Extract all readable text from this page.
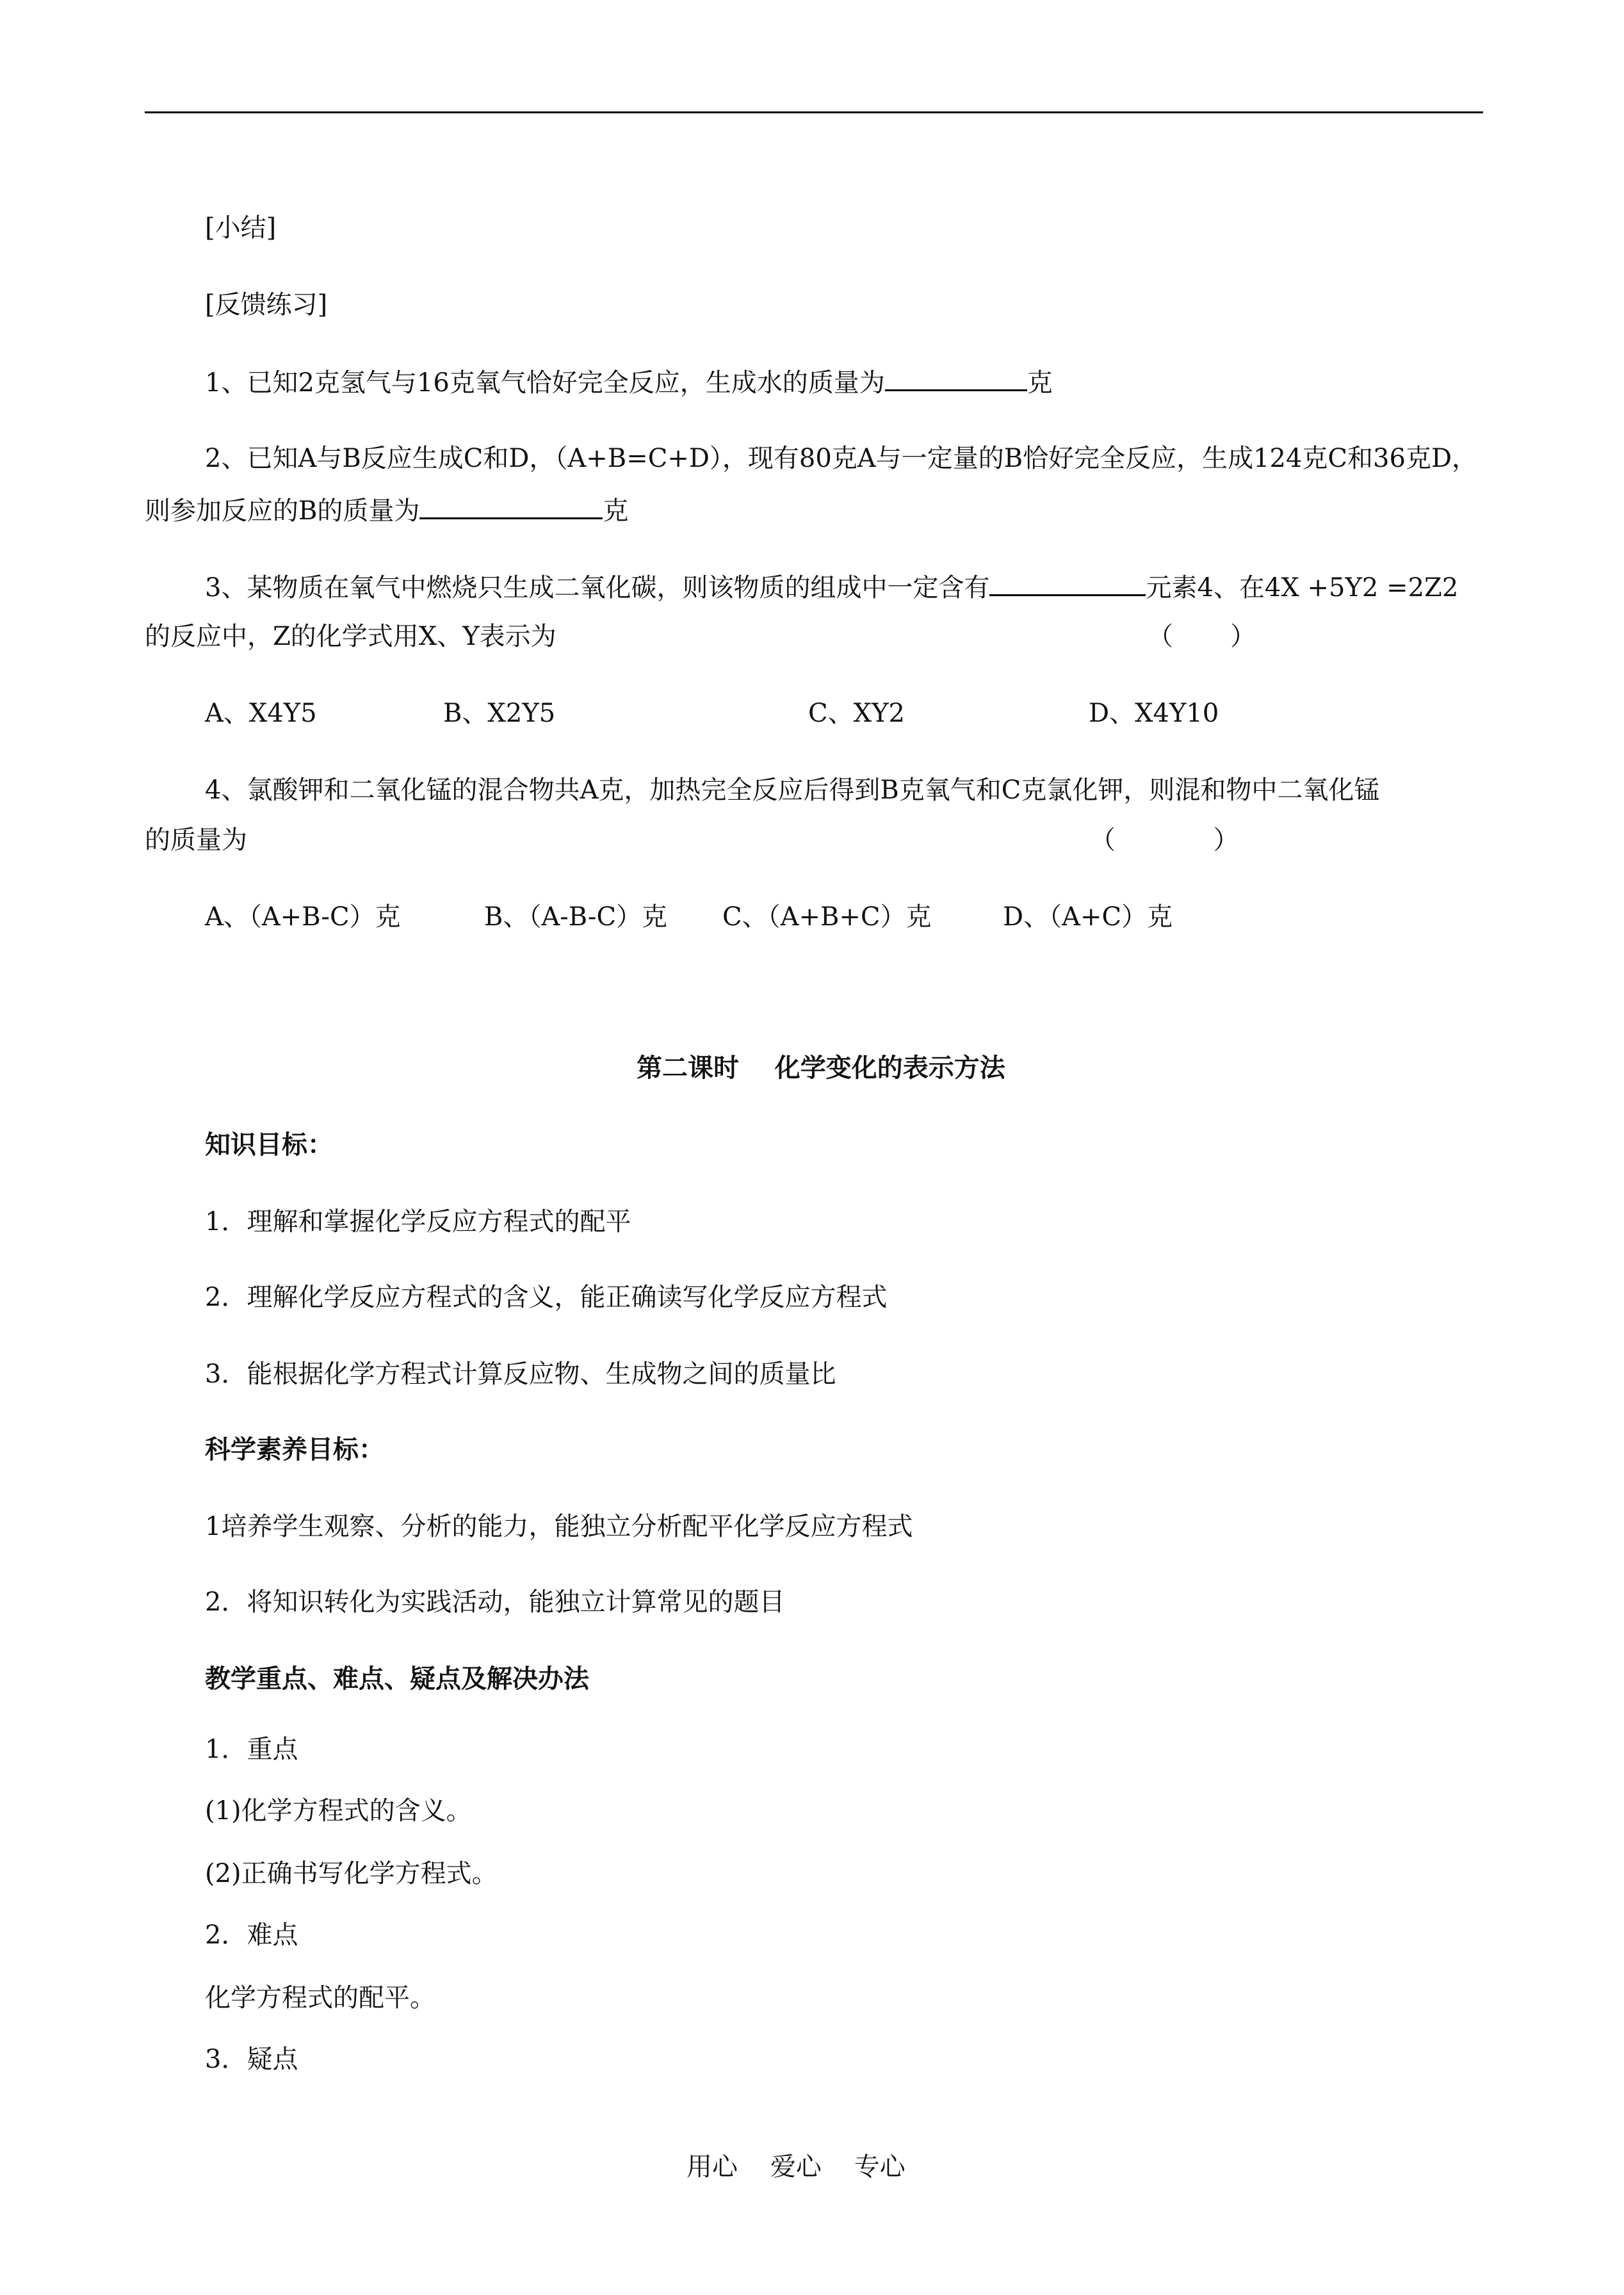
[小结]
[反馈练习]
1、已知2克氢气与16克氧气恰好完全反应，生成水的质量为	克
2、已知A与B反应生成C和D，（A+B=C+D），现有80克A与一定量的B恰好完全反应，生成124克C和36克D，
则参加反应的B的质量为	克
3、某物质在氧气中燃烧只生成二氧化碳，则该物质的组成中一定含有	元素4、在4X +5Y2 =2Z2
的反应中，Z的化学式用X、Y表示为	（       ）
A、X4Y5	B、X2Y5	C、XY2	D、X4Y10
4、氯酸钾和二氧化锰的混合物共A克，加热完全反应后得到B克氧气和C克氯化钾，则混和物中二氧化锰
的质量为	（            ）
A、（A+B-C）克	B、（A-B-C）克 C、（A+B+C）克	D、（A+C）克
第二课时    化学变化的表示方法
知识目标：
1．理解和掌握化学反应方程式的配平
2．理解化学反应方程式的含义，能正确读写化学反应方程式
3．能根据化学方程式计算反应物、生成物之间的质量比
科学素养目标：
1培养学生观察、分析的能力，能独立分析配平化学反应方程式
2．将知识转化为实践活动，能独立计算常见的题目
教学重点、难点、疑点及解决办法
1．重点
(1)化学方程式的含义。
(2)正确书写化学方程式。
2．难点
化学方程式的配平。
3．疑点
用心    爱心    专心
